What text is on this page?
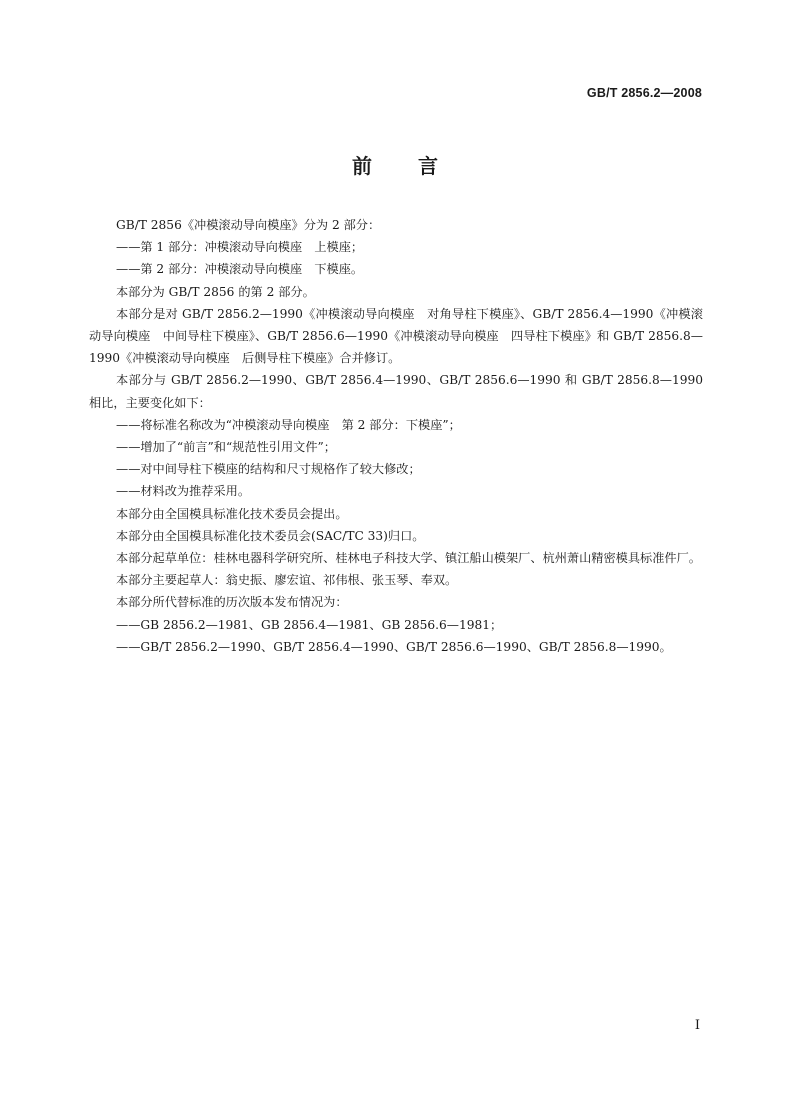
GB/T 2856.2—2008
前 言

GB/T 2856《冲模滚动导向模座》分为 2 部分：

——第 1 部分：冲模滚动导向模座　上模座；

——第 2 部分：冲模滚动导向模座　下模座。

本部分为 GB/T 2856 的第 2 部分。

本部分是对 GB/T 2856.2—1990《冲模滚动导向模座　对角导柱下模座》、GB/T 2856.4—1990《冲模滚动导向模座　中间导柱下模座》、GB/T 2856.6—1990《冲模滚动导向模座　四导柱下模座》和 GB/T 2856.8—1990《冲模滚动导向模座　后侧导柱下模座》合并修订。

本部分与 GB/T 2856.2—1990、GB/T 2856.4—1990、GB/T 2856.6—1990 和 GB/T 2856.8—1990 相比，主要变化如下：

——将标准名称改为“冲模滚动导向模座　第 2 部分：下模座”；

——增加了“前言”和“规范性引用文件”；

——对中间导柱下模座的结构和尺寸规格作了较大修改；

——材料改为推荐采用。

本部分由全国模具标准化技术委员会提出。

本部分由全国模具标准化技术委员会(SAC/TC 33)归口。

本部分起草单位：桂林电器科学研究所、桂林电子科技大学、镇江船山模架厂、杭州萧山精密模具标准件厂。

本部分主要起草人：翁史振、廖宏谊、祁伟根、张玉琴、奉双。

本部分所代替标准的历次版本发布情况为：

——GB 2856.2—1981、GB 2856.4—1981、GB 2856.6—1981；

——GB/T 2856.2—1990、GB/T 2856.4—1990、GB/T 2856.6—1990、GB/T 2856.8—1990。

I
